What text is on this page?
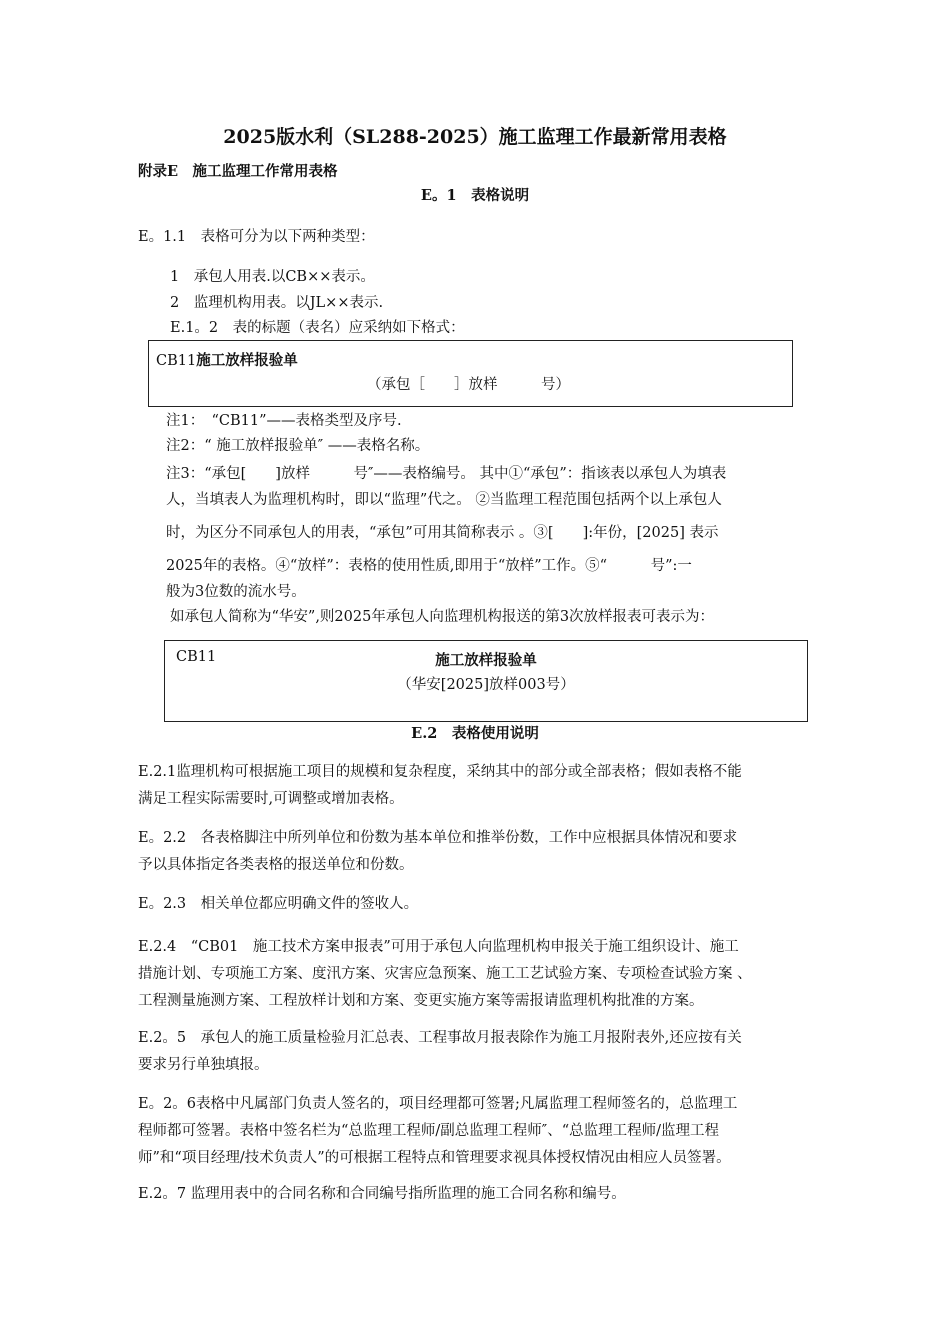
2025版水利（SL288-2025）施工监理工作最新常用表格
附录E　施工监理工作常用表格
E。1　表格说明
E。1.1　表格可分为以下两种类型：
1　承包人用表.以CB××表示。
2　监理机构用表。以JL××表示.
E.1。2　表的标题（表名）应采纳如下格式：
CB11施工放样报验单
（承包［　　］放样　　　号）
注1：　“CB11”——表格类型及序号.
注2：“ 施工放样报验单″ ——表格名称。
注3：“承包[　　]放样　　　号″——表格编号。 其中①“承包”：指该表以承包人为填表
人，当填表人为监理机构时，即以“监理”代之。 ②当监理工程范围包括两个以上承包人
时，为区分不同承包人的用表，“承包”可用其简称表示 。③[　　]:年份，[2025] 表示
2025年的表格。④“放样”：表格的使用性质,即用于“放样”工作。⑤“　　　号”:一
般为3位数的流水号。
如承包人简称为“华安”,则2025年承包人向监理机构报送的第3次放样报表可表示为：
CB11	施工放样报验单
（华安[2025]放样003号）
E.2　表格使用说明
E.2.1监理机构可根据施工项目的规模和复杂程度，采纳其中的部分或全部表格；假如表格不能
满足工程实际需要时,可调整或增加表格。
E。2.2　各表格脚注中所列单位和份数为基本单位和推举份数，工作中应根据具体情况和要求
予以具体指定各类表格的报送单位和份数。
E。2.3　相关单位都应明确文件的签收人。
E.2.4　“CB01　施工技术方案申报表”可用于承包人向监理机构申报关于施工组织设计、施工
措施计划、专项施工方案、度汛方案、灾害应急预案、施工工艺试验方案、专项检查试验方案 、
工程测量施测方案、工程放样计划和方案、变更实施方案等需报请监理机构批准的方案。
E.2。5　承包人的施工质量检验月汇总表、工程事故月报表除作为施工月报附表外,还应按有关
要求另行单独填报。
E。2。6表格中凡属部门负责人签名的，项目经理都可签署;凡属监理工程师签名的，总监理工
程师都可签署。表格中签名栏为“总监理工程师/副总监理工程师″、“总监理工程师/监理工程
师”和“项目经理/技术负责人”的可根据工程特点和管理要求视具体授权情况由相应人员签署。
E.2。7 监理用表中的合同名称和合同编号指所监理的施工合同名称和编号。
